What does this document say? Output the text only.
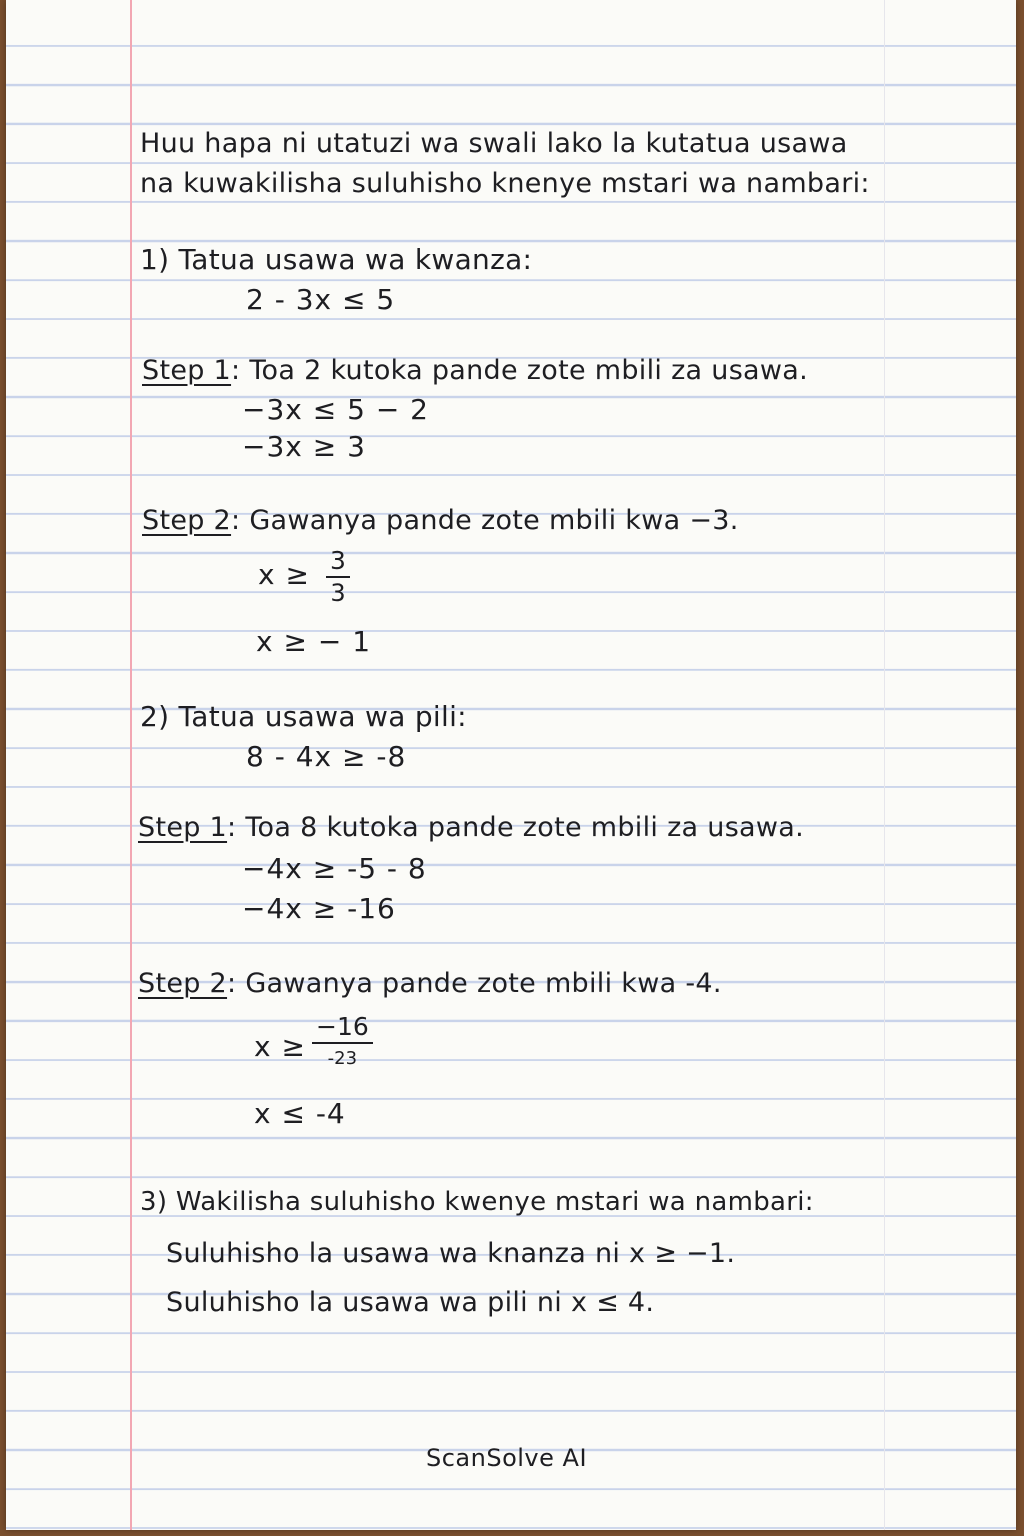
Huu hapa ni utatuzi wa swali lako la kutatua usawa
na kuwakilisha suluhisho knenye mstari wa nambari:
1) Tatua usawa wa kwanza:
2 - 3x ≤ 5
Step 1: Toa 2 kutoka pande zote mbili za usawa.
−3x ≤ 5 − 2
−3x ≥ 3
Step 2: Gawanya pande zote mbili kwa −3.
$x \ge \frac{3}{3}$
x ≥ − 1
2) Tatua usawa wa pili:
8 - 4x ≥ -8
Step 1: Toa 8 kutoka pande zote mbili za usawa.
−4x ≥ -5 - 8
−4x ≥ -16
Step 2: Gawanya pande zote mbili kwa -4.
x ≥
−16
-23
x ≤ -4
3) Wakilisha suluhisho kwenye mstari wa nambari:
Suluhisho la usawa wa knanza ni x ≥ −1.
Suluhisho la usawa wa pili ni x ≤ 4.
ScanSolve AI
